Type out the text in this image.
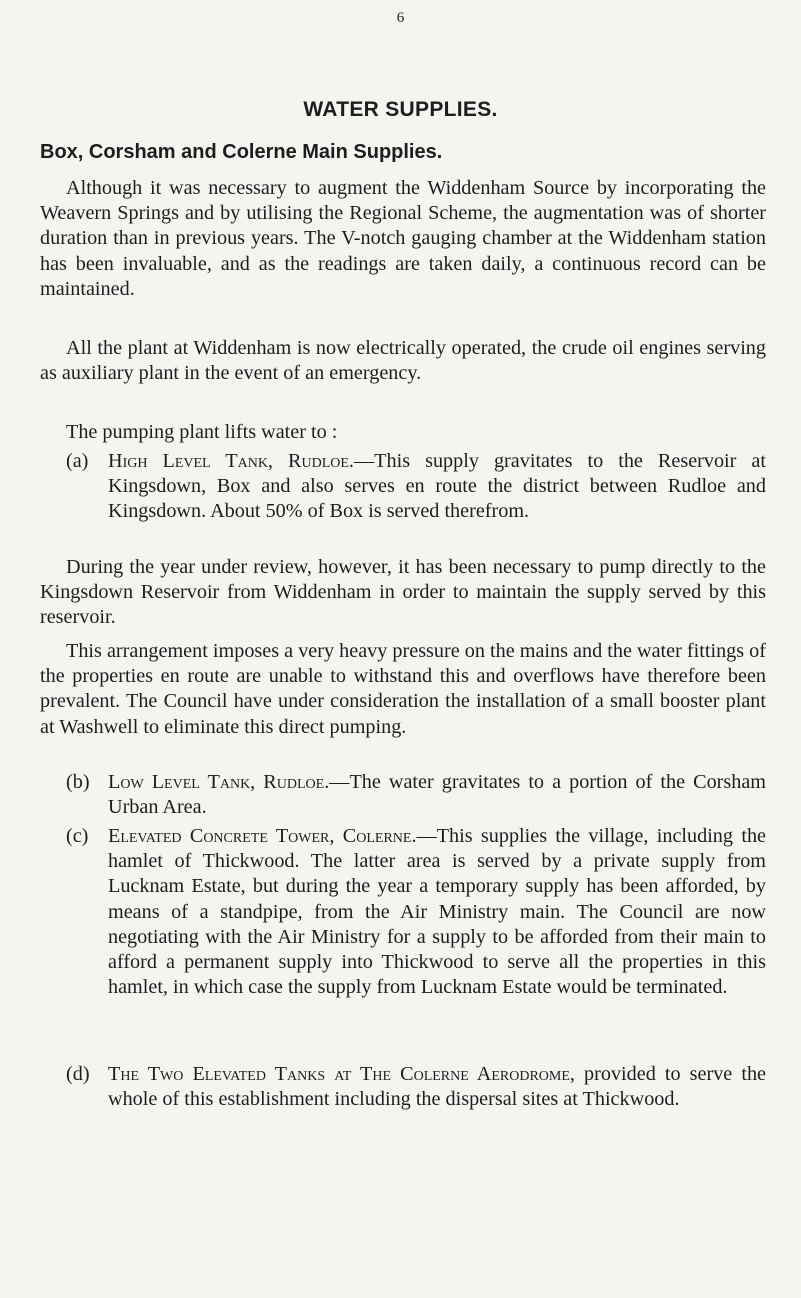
6
WATER SUPPLIES.
Box, Corsham and Colerne Main Supplies.
Although it was necessary to augment the Widdenham Source by incorporating the Weavern Springs and by utilising the Regional Scheme, the augmentation was of shorter duration than in previous years. The V-notch gauging chamber at the Widdenham station has been invaluable, and as the readings are taken daily, a continuous record can be maintained.
All the plant at Widdenham is now electrically operated, the crude oil engines serving as auxiliary plant in the event of an emergency.
The pumping plant lifts water to :
(a) High Level Tank, Rudloe.—This supply gravitates to the Reservoir at Kingsdown, Box and also serves en route the district between Rudloe and Kingsdown. About 50% of Box is served therefrom.
During the year under review, however, it has been necessary to pump directly to the Kingsdown Reservoir from Widdenham in order to maintain the supply served by this reservoir.
This arrangement imposes a very heavy pressure on the mains and the water fittings of the properties en route are unable to withstand this and overflows have therefore been prevalent. The Council have under consideration the installation of a small booster plant at Washwell to eliminate this direct pumping.
(b) Low Level Tank, Rudloe.—The water gravitates to a portion of the Corsham Urban Area.
(c) Elevated Concrete Tower, Colerne.—This supplies the village, including the hamlet of Thickwood. The latter area is served by a private supply from Lucknam Estate, but during the year a temporary supply has been afforded, by means of a standpipe, from the Air Ministry main. The Council are now negotiating with the Air Ministry for a supply to be afforded from their main to afford a permanent supply into Thickwood to serve all the properties in this hamlet, in which case the supply from Lucknam Estate would be terminated.
(d) The Two Elevated Tanks at The Colerne Aerodrome, provided to serve the whole of this establishment including the dispersal sites at Thickwood.
